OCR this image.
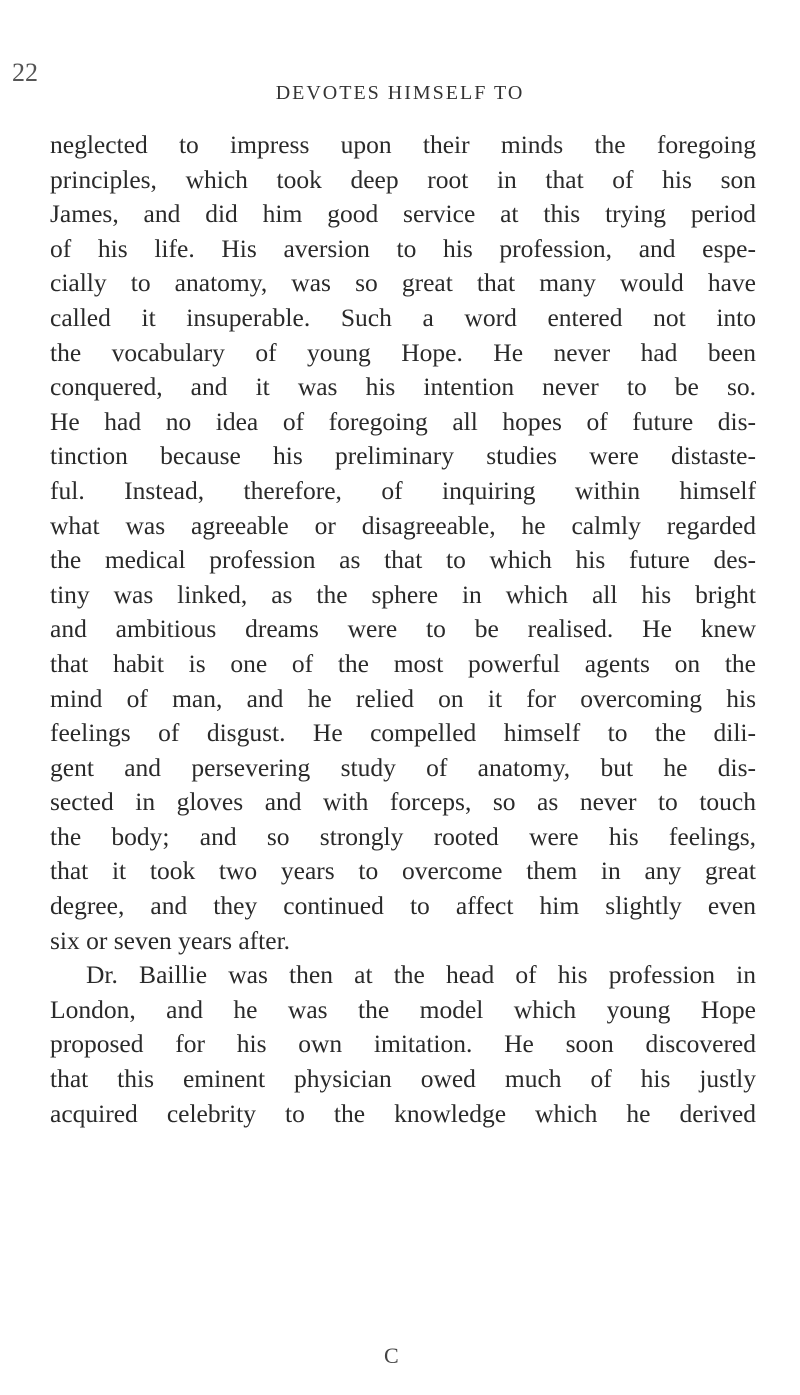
22
DEVOTES HIMSELF TO
neglected to impress upon their minds the foregoing
principles, which took deep root in that of his son
James, and did him good service at this trying period
of his life. His aversion to his profession, and espe-
cially to anatomy, was so great that many would have
called it insuperable. Such a word entered not into
the vocabulary of young Hope. He never had been
conquered, and it was his intention never to be so.
He had no idea of foregoing all hopes of future dis-
tinction because his preliminary studies were distaste-
ful. Instead, therefore, of inquiring within himself
what was agreeable or disagreeable, he calmly regarded
the medical profession as that to which his future des-
tiny was linked, as the sphere in which all his bright
and ambitious dreams were to be realised. He knew
that habit is one of the most powerful agents on the
mind of man, and he relied on it for overcoming his
feelings of disgust. He compelled himself to the dili-
gent and persevering study of anatomy, but he dis-
sected in gloves and with forceps, so as never to touch
the body; and so strongly rooted were his feelings,
that it took two years to overcome them in any great
degree, and they continued to affect him slightly even
six or seven years after.
Dr. Baillie was then at the head of his profession in
London, and he was the model which young Hope
proposed for his own imitation. He soon discovered
that this eminent physician owed much of his justly
acquired celebrity to the knowledge which he derived
C
